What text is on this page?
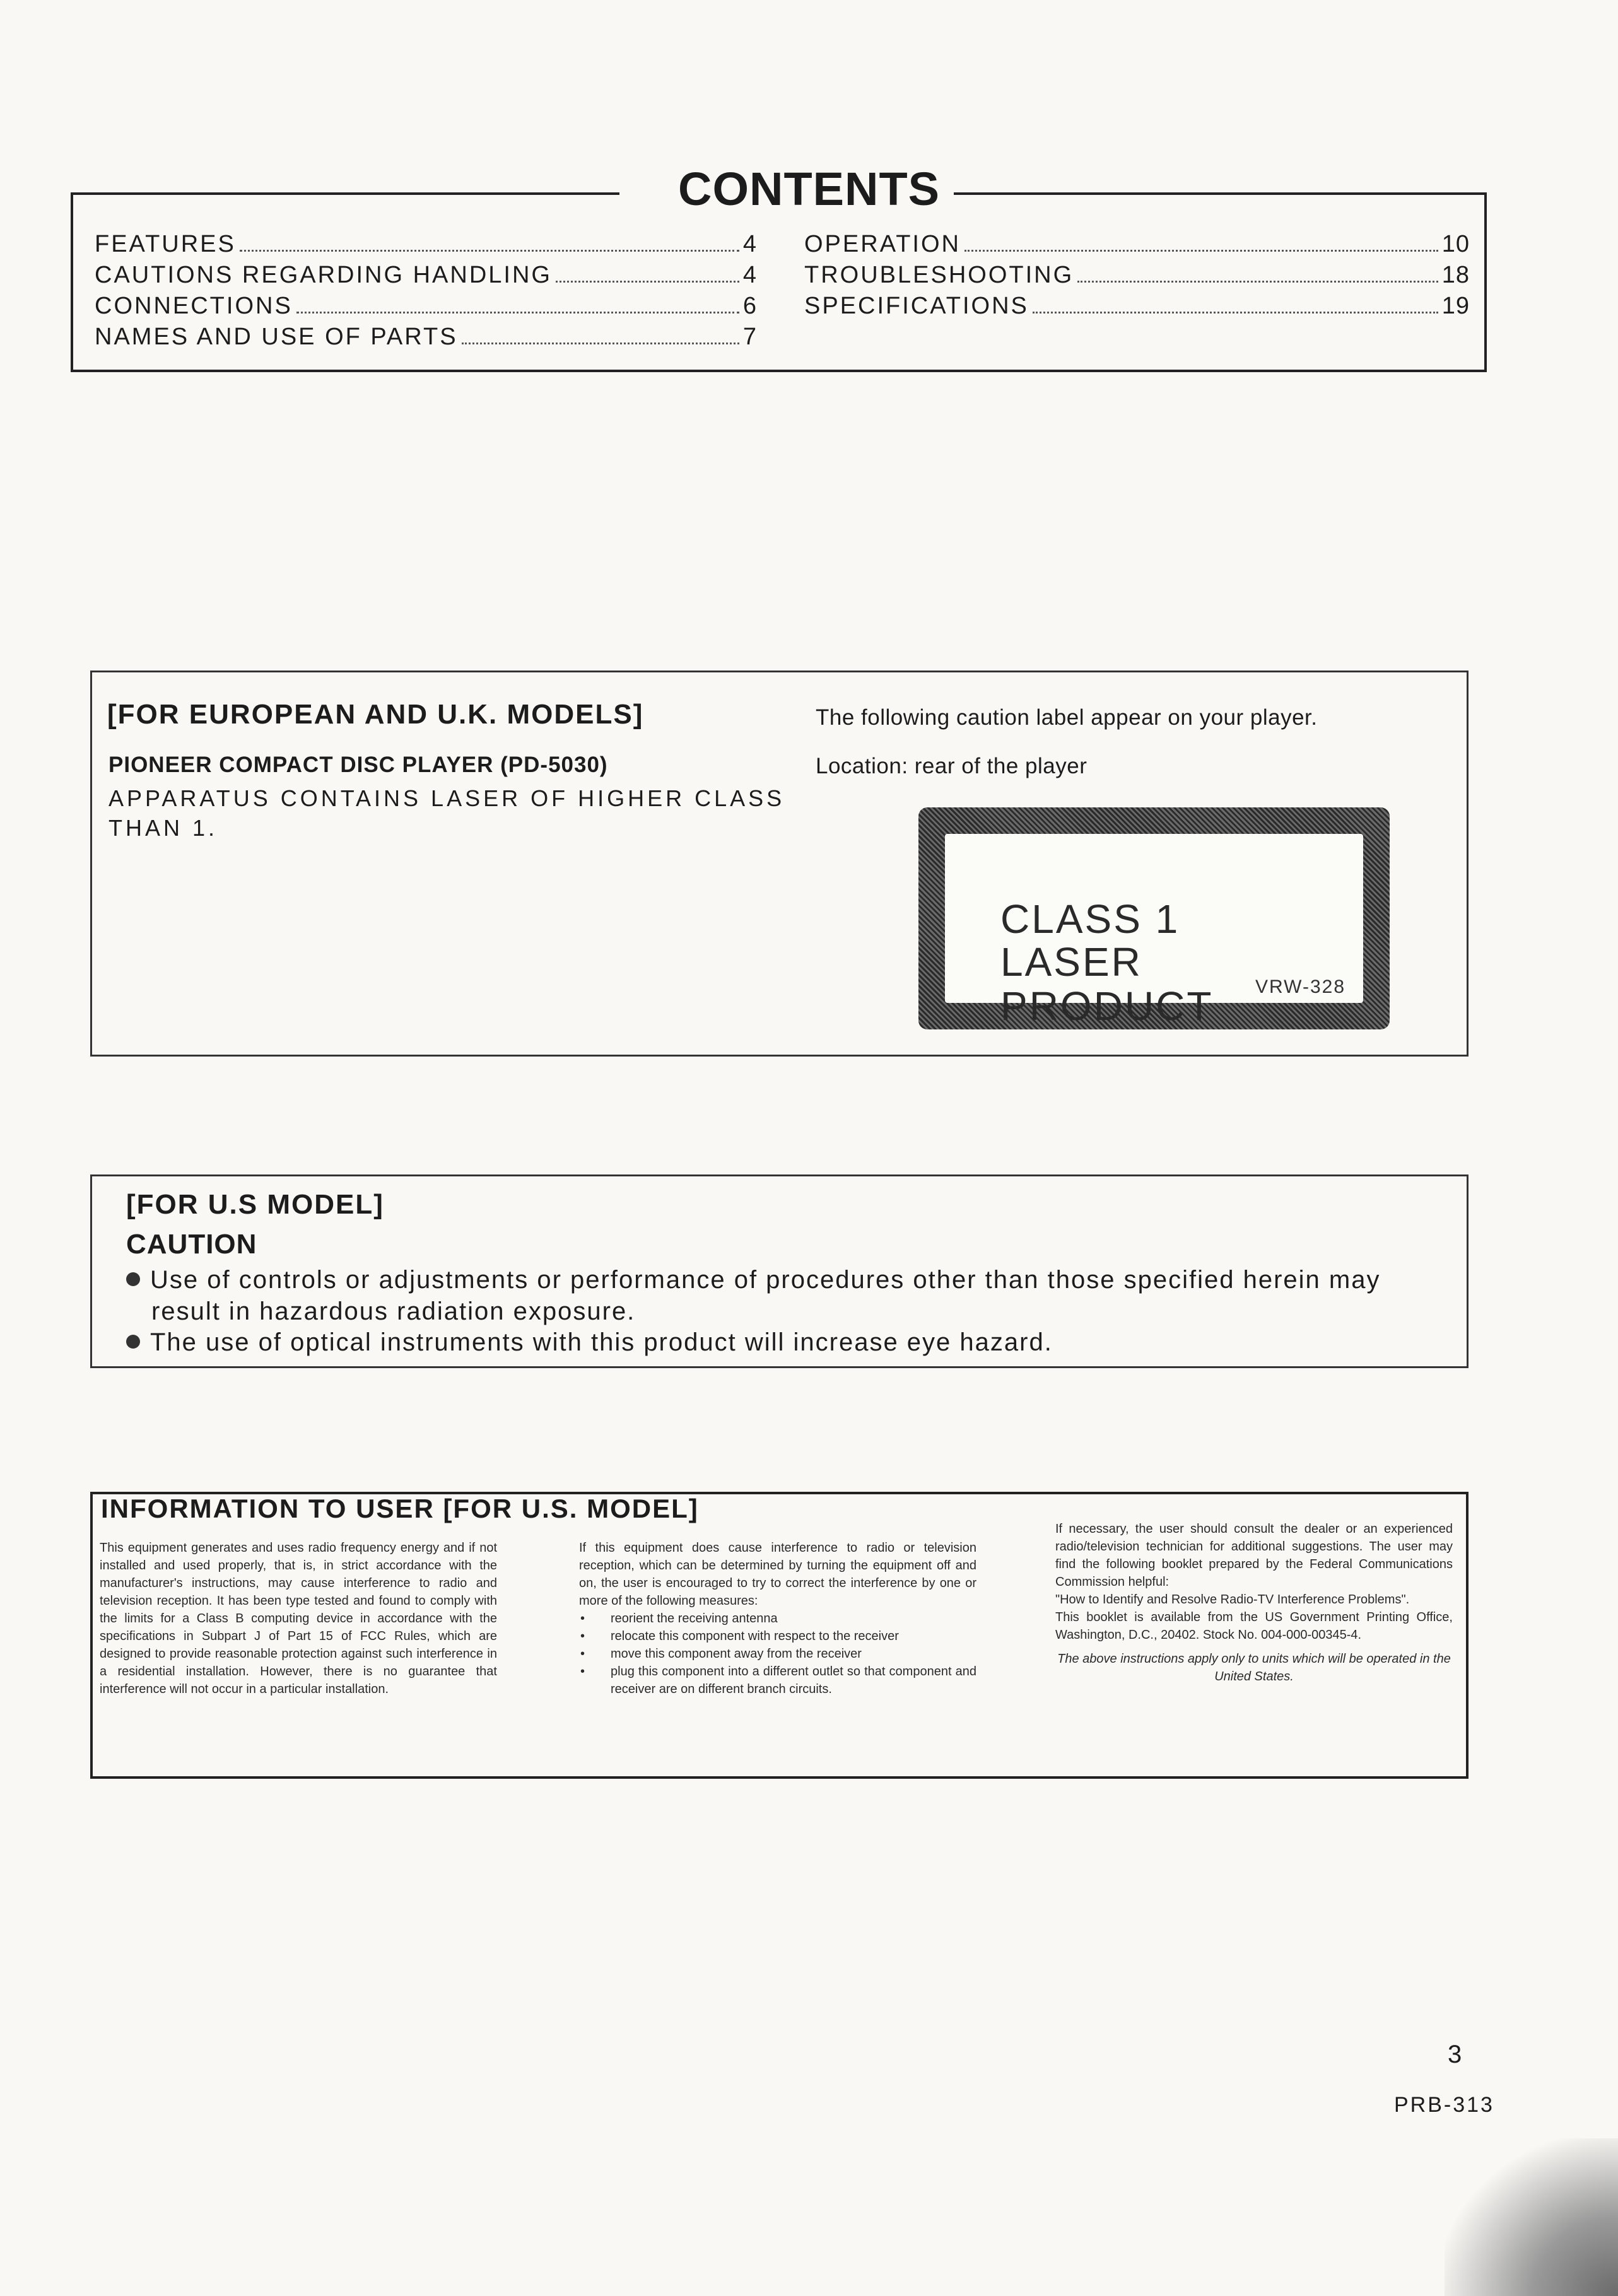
CONTENTS
FEATURES	4
CAUTIONS REGARDING HANDLING	4
CONNECTIONS	6
NAMES AND USE OF PARTS	7
OPERATION	10
TROUBLESHOOTING	18
SPECIFICATIONS	19
[FOR EUROPEAN AND U.K. MODELS]
PIONEER COMPACT DISC PLAYER (PD-5030)
APPARATUS CONTAINS LASER OF HIGHER CLASS
THAN 1.
The following caution label appear on your player.
Location: rear of the player
CLASS 1
LASER PRODUCT	VRW-328
[FOR U.S MODEL]
CAUTION
Use of controls or adjustments or performance of procedures other than those specified herein may
result in hazardous radiation exposure.
The use of optical instruments with this product will increase eye hazard.
INFORMATION TO USER [FOR U.S. MODEL]

This equipment generates and uses radio frequency energy and if not installed and used properly, that is, in strict accordance with the manufacturer's instructions, may cause interference to radio and television reception. It has been type tested and found to comply with the limits for a Class B computing device in accordance with the specifications in Subpart J of Part 15 of FCC Rules, which are designed to provide reasonable protection against such interference in a residential installation. However, there is no guarantee that interference will not occur in a particular installation.

If this equipment does cause interference to radio or television reception, which can be determined by turning the equipment off and on, the user is encouraged to try to correct the interference by one or more of the following measures:

• reorient the receiving antenna
• relocate this component with respect to the receiver
• move this component away from the receiver
• plug this component into a different outlet so that component and receiver are on different branch circuits.

If necessary, the user should consult the dealer or an experienced radio/television technician for additional suggestions. The user may find the following booklet prepared by the Federal Communications Commission helpful:

"How to Identify and Resolve Radio-TV Interference Problems".

This booklet is available from the US Government Printing Office, Washington, D.C., 20402. Stock No. 004-000-00345-4.

The above instructions apply only to units which will be operated in the United States.

3
PRB-313
